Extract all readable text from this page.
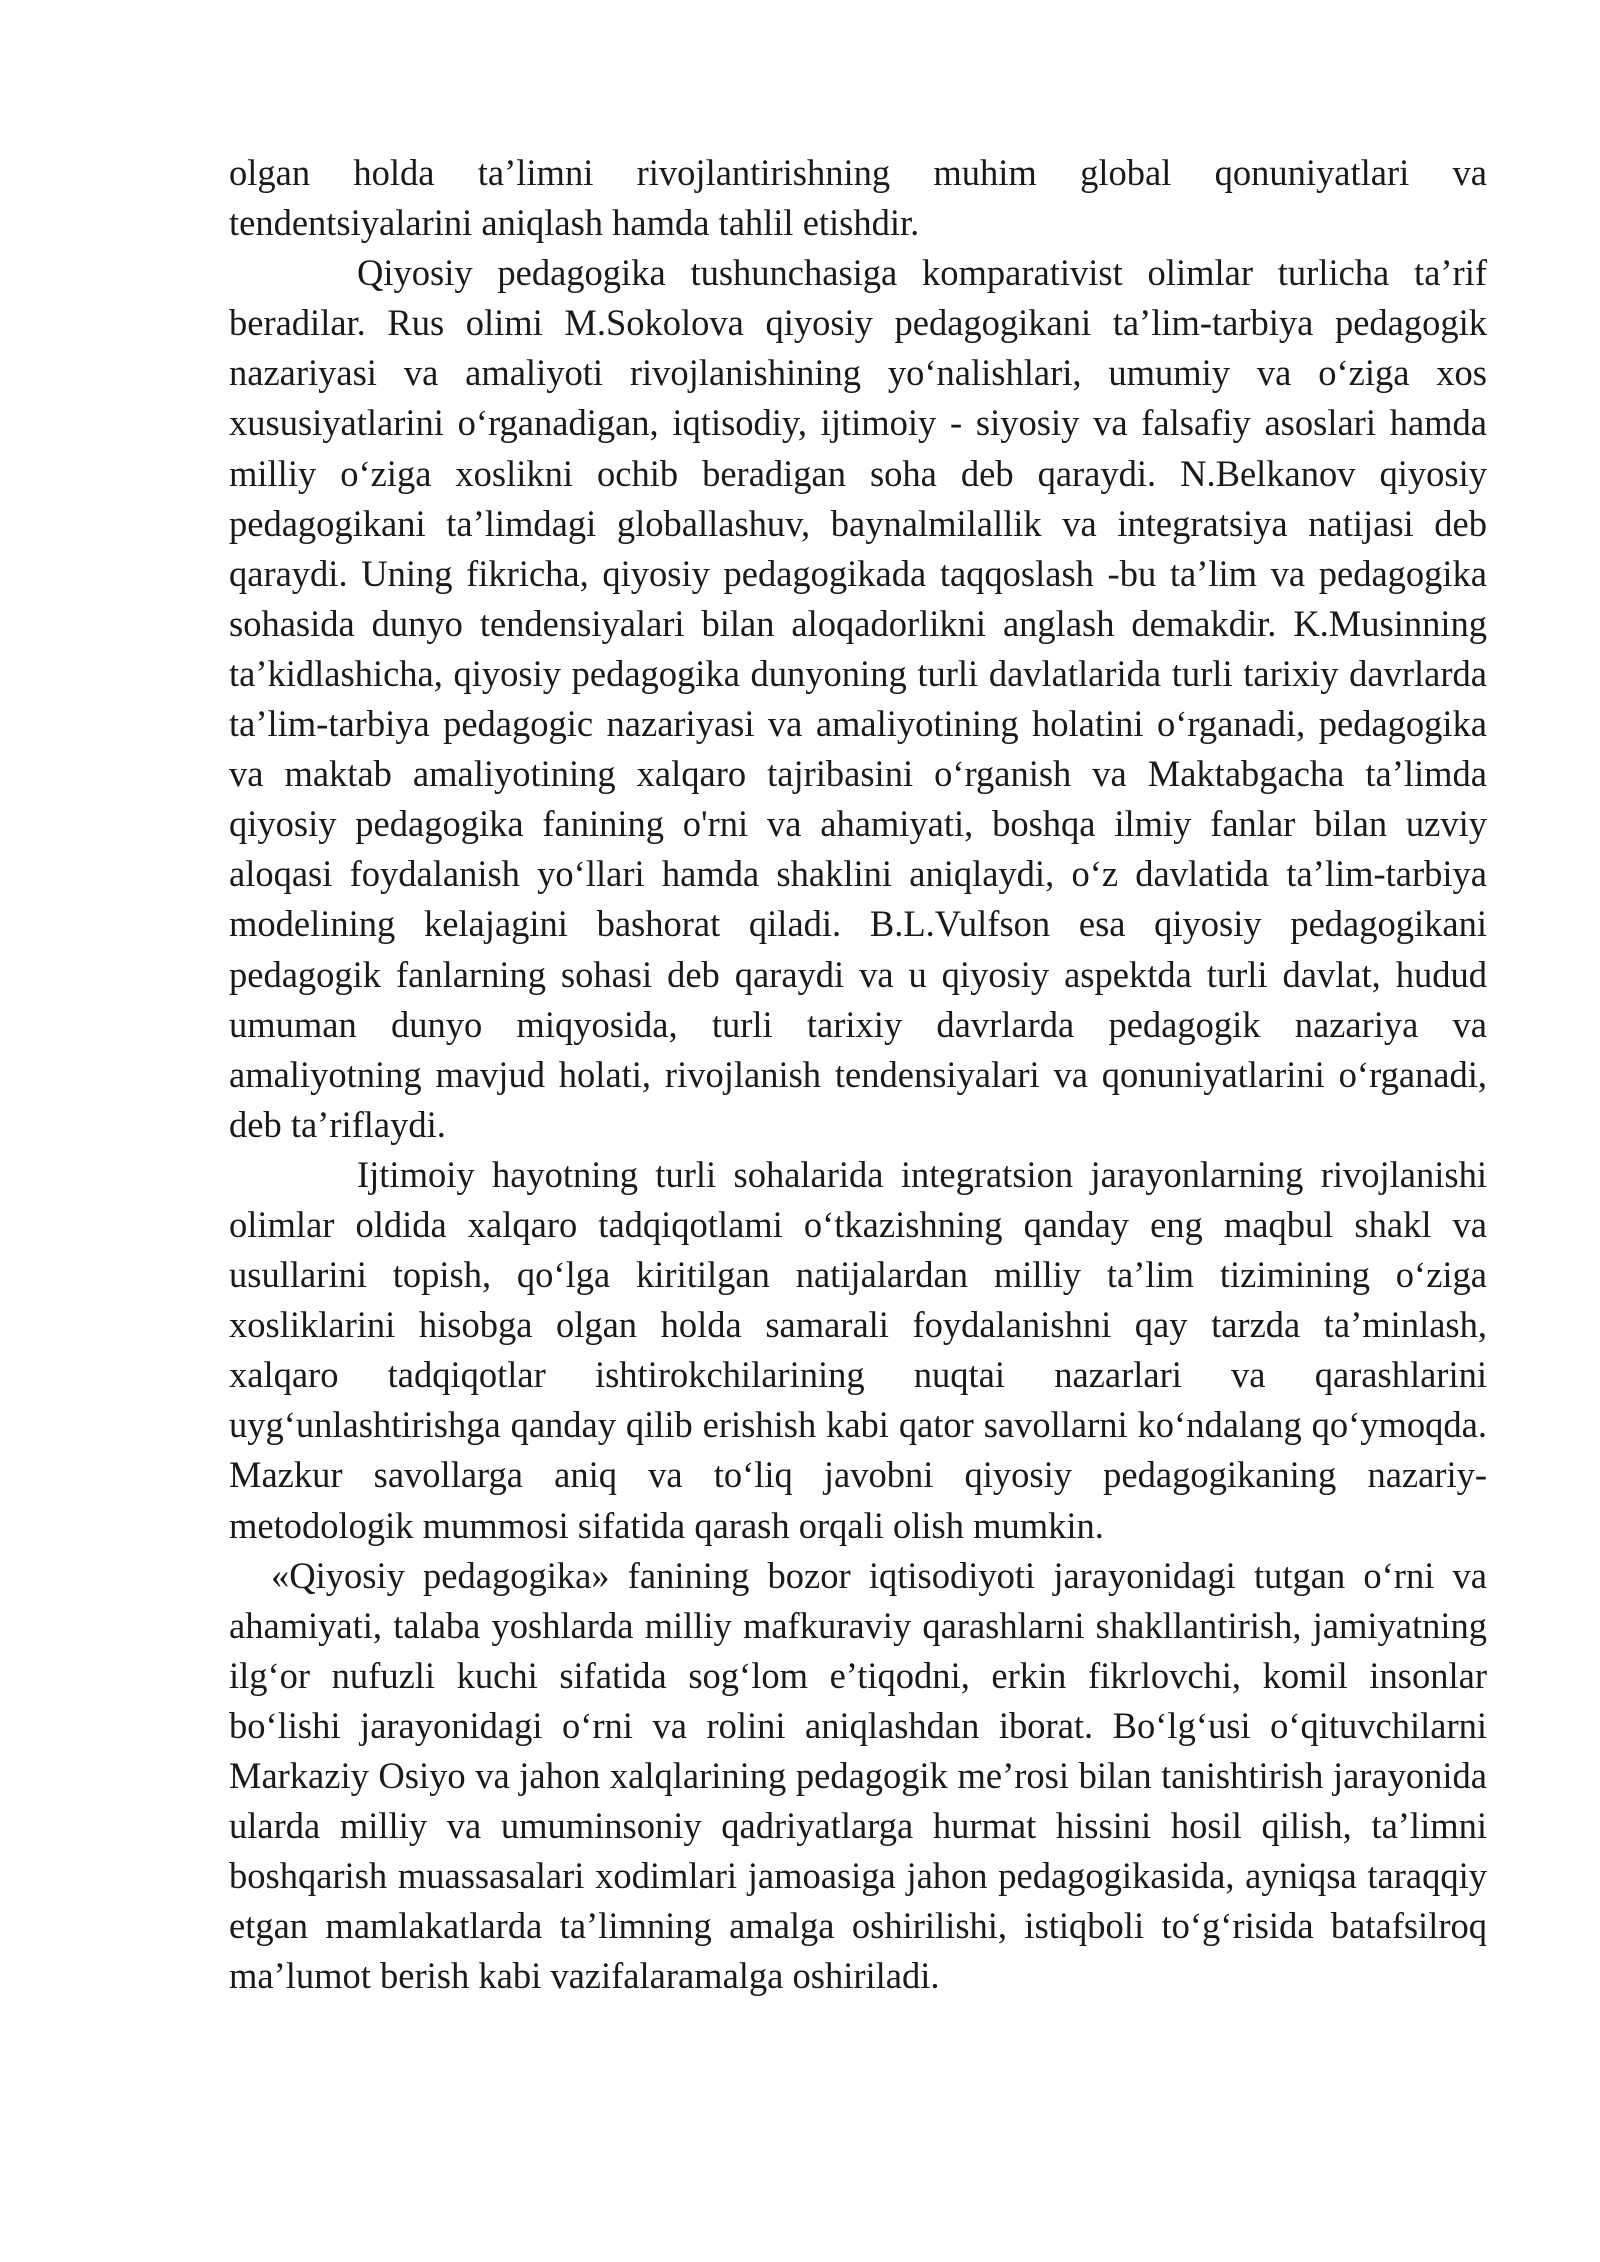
olgan holda ta’limni rivojlantirishning muhim global qonuniyatlari va tendentsiyalarini aniqlash hamda tahlil etishdir.

Qiyosiy pedagogika tushunchasiga komparativist olimlar turlicha ta’rif beradilar. Rus olimi M.Sokolova qiyosiy pedagogikani ta’lim-tarbiya pedagogik nazariyasi va amaliyoti rivojlanishining yo‘nalishlari, umumiy va o‘ziga xos xususiyatlarini o‘rganadigan, iqtisodiy, ijtimoiy - siyosiy va falsafiy asoslari hamda milliy o‘ziga xoslikni ochib beradigan soha deb qaraydi. N.Belkanov qiyosiy pedagogikani ta’limdagi globallashuv, baynalmilallik va integratsiya natijasi deb qaraydi. Uning fikricha, qiyosiy pedagogikada taqqoslash -bu ta’lim va pedagogika sohasida dunyo tendensiyalari bilan aloqadorlikni anglash demakdir. K.Musinning ta’kidlashicha, qiyosiy pedagogika dunyoning turli davlatlarida turli tarixiy davrlarda ta’lim-tarbiya pedagogic nazariyasi va amaliyotining holatini o‘rganadi, pedagogika va maktab amaliyotining xalqaro tajribasini o‘rganish va Maktabgacha ta’limda qiyosiy pedagogika fanining o'rni va ahamiyati, boshqa ilmiy fanlar bilan uzviy aloqasi foydalanish yo‘llari hamda shaklini aniqlaydi, o‘z davlatida ta’lim-tarbiya modelining kelajagini bashorat qiladi. B.L.Vulfson esa qiyosiy pedagogikani pedagogik fanlarning sohasi deb qaraydi va u qiyosiy aspektda turli davlat, hudud umuman dunyo miqyosida, turli tarixiy davrlarda pedagogik nazariya va amaliyotning mavjud holati, rivojlanish tendensiyalari va qonuniyatlarini o‘rganadi, deb ta’riflaydi.

Ijtimoiy hayotning turli sohalarida integratsion jarayonlarning rivojlanishi olimlar oldida xalqaro tadqiqotlami o‘tkazishning qanday eng maqbul shakl va usullarini topish, qo‘lga kiritilgan natijalardan milliy ta’lim tizimining o‘ziga xosliklarini hisobga olgan holda samarali foydalanishni qay tarzda ta’minlash, xalqaro tadqiqotlar ishtirokchilarining nuqtai nazarlari va qarashlarini uyg‘unlashtirishga qanday qilib erishish kabi qator savollarni ko‘ndalang qo‘ymoqda. Mazkur savollarga aniq va to‘liq javobni qiyosiy pedagogikaning nazariy-metodologik mummosi sifatida qarash orqali olish mumkin.

«Qiyosiy pedagogika» fanining bozor iqtisodiyoti jarayonidagi tutgan o‘rni va ahamiyati, talaba yoshlarda milliy mafkuraviy qarashlarni shakllantirish, jamiyatning ilg‘or nufuzli kuchi sifatida sog‘lom e’tiqodni, erkin fikrlovchi, komil insonlar bo‘lishi jarayonidagi o‘rni va rolini aniqlashdan iborat. Bo‘lg‘usi o‘qituvchilarni Markaziy Osiyo va jahon xalqlarining pedagogik me’rosi bilan tanishtirish jarayonida ularda milliy va umuminsoniy qadriyatlarga hurmat hissini hosil qilish, ta’limni boshqarish muassasalari xodimlari jamoasiga jahon pedagogikasida, ayniqsa taraqqiy etgan mamlakatlarda ta’limning amalga oshirilishi, istiqboli to‘g‘risida batafsilroq ma’lumot berish kabi vazifalaramalga oshiriladi.
